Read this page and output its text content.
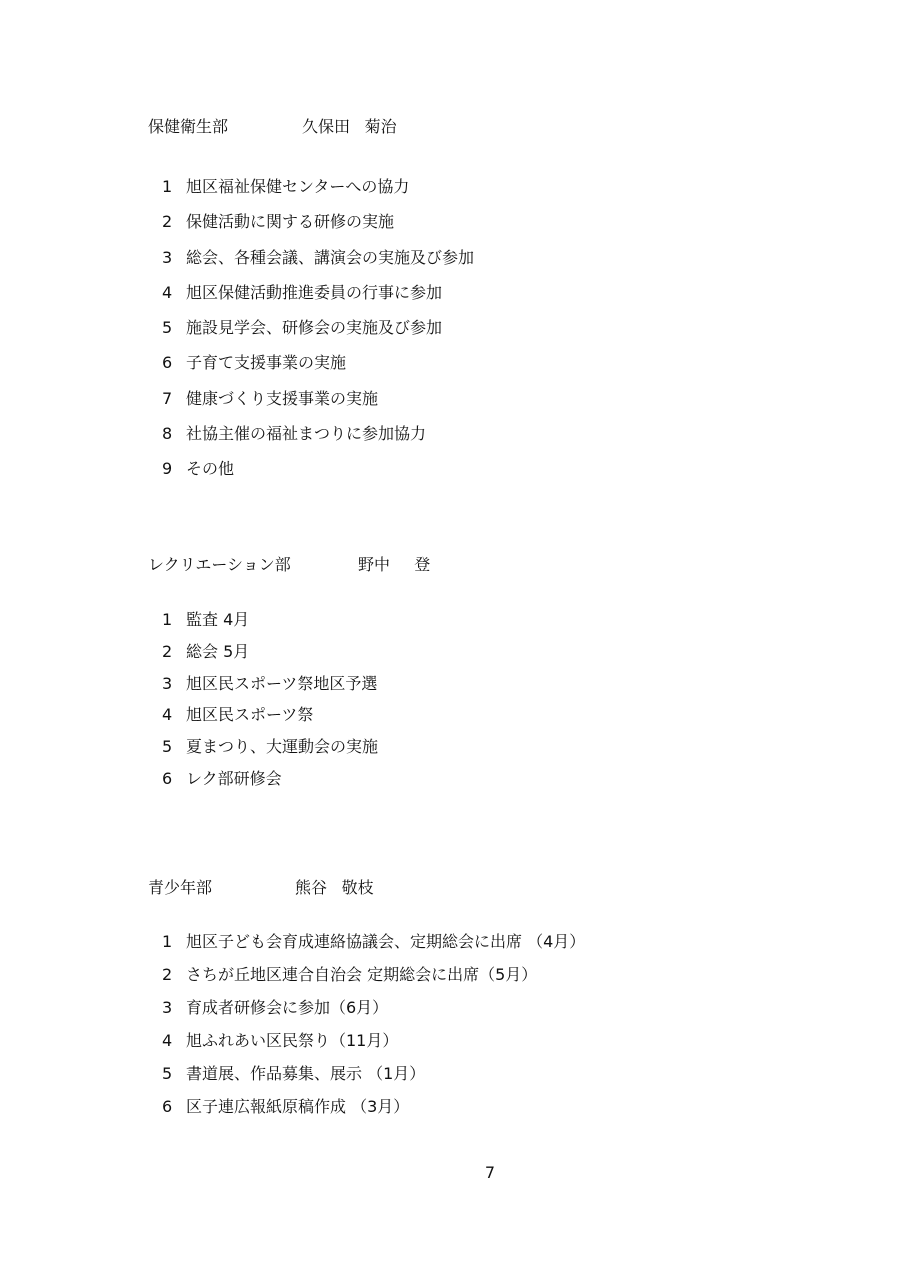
保健衛生部	久保田 菊治
1 旭区福祉保健センターへの協力
2 保健活動に関する研修の実施
3 総会、各種会議、講演会の実施及び参加
4 旭区保健活動推進委員の行事に参加
5 施設見学会、研修会の実施及び参加
6 子育て支援事業の実施
7 健康づくり支援事業の実施
8 社協主催の福祉まつりに参加協力
9 その他
レクリエーション部	野中 登
1 監査 4月
2 総会 5月
3 旭区民スポーツ祭地区予選
4 旭区民スポーツ祭
5 夏まつり、大運動会の実施
6 レク部研修会
青少年部	熊谷 敬枝
1 旭区子ども会育成連絡協議会、定期総会に出席 （4月）
2 さちが丘地区連合自治会 定期総会に出席（5月）
3 育成者研修会に参加（6月）
4 旭ふれあい区民祭り（11月）
5 書道展、作品募集、展示 （1月）
6 区子連広報紙原稿作成 （3月）
7
